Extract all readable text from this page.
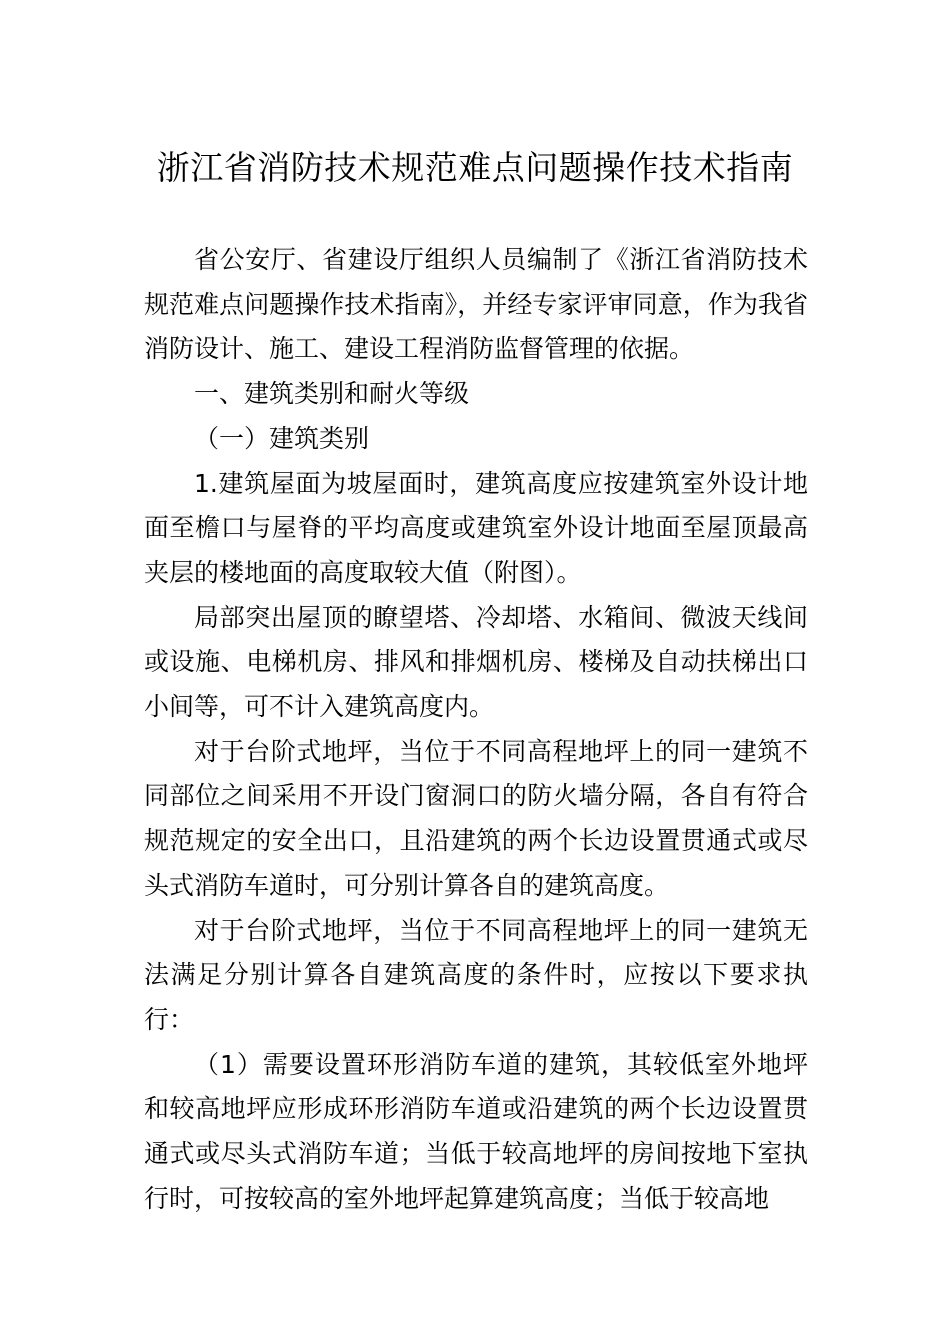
浙江省消防技术规范难点问题操作技术指南

省公安厅、省建设厅组织人员编制了《浙江省消防技术规范难点问题操作技术指南》，并经专家评审同意，作为我省消防设计、施工、建设工程消防监督管理的依据。

一、建筑类别和耐火等级

（一）建筑类别

1.建筑屋面为坡屋面时，建筑高度应按建筑室外设计地面至檐口与屋脊的平均高度或建筑室外设计地面至屋顶最高夹层的楼地面的高度取较大值（附图）。

局部突出屋顶的瞭望塔、冷却塔、水箱间、微波天线间或设施、电梯机房、排风和排烟机房、楼梯及自动扶梯出口小间等，可不计入建筑高度内。

对于台阶式地坪，当位于不同高程地坪上的同一建筑不同部位之间采用不开设门窗洞口的防火墙分隔，各自有符合规范规定的安全出口，且沿建筑的两个长边设置贯通式或尽头式消防车道时，可分别计算各自的建筑高度。

对于台阶式地坪，当位于不同高程地坪上的同一建筑无法满足分别计算各自建筑高度的条件时，应按以下要求执行：

（1）需要设置环形消防车道的建筑，其较低室外地坪和较高地坪应形成环形消防车道或沿建筑的两个长边设置贯通式或尽头式消防车道；当低于较高地坪的房间按地下室执行时，可按较高的室外地坪起算建筑高度；当低于较高地
